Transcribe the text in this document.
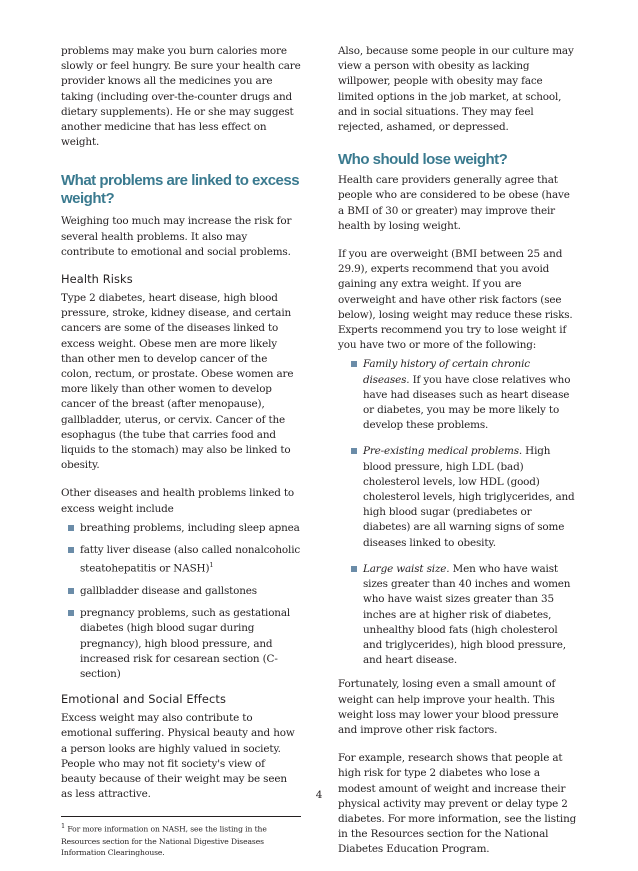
problems may make you burn calories more slowly or feel hungry. Be sure your health care provider knows all the medicines you are taking (including over-the-counter drugs and dietary supplements). He or she may suggest another medicine that has less effect on weight.

What problems are linked to excess weight?

Weighing too much may increase the risk for several health problems. It also may contribute to emotional and social problems.

Health Risks

Type 2 diabetes, heart disease, high blood pressure, stroke, kidney disease, and certain cancers are some of the diseases linked to excess weight. Obese men are more likely than other men to develop cancer of the colon, rectum, or prostate. Obese women are more likely than other women to develop cancer of the breast (after menopause), gallbladder, uterus, or cervix. Cancer of the esophagus (the tube that carries food and liquids to the stomach) may also be linked to obesity.

Other diseases and health problems linked to excess weight include

breathing problems, including sleep apnea
fatty liver disease (also called nonalcoholic steatohepatitis or NASH)$^1$
gallbladder disease and gallstones
pregnancy problems, such as gestational diabetes (high blood sugar during pregnancy), high blood pressure, and increased risk for cesarean section (C-section)
Emotional and Social Effects

Excess weight may also contribute to emotional suffering. Physical beauty and how a person looks are highly valued in society. People who may not fit society's view of beauty because of their weight may be seen as less attractive.

$^1$ For more information on NASH, see the listing in the Resources section for the National Digestive Diseases Information Clearinghouse.

Also, because some people in our culture may view a person with obesity as lacking willpower, people with obesity may face limited options in the job market, at school, and in social situations. They may feel rejected, ashamed, or depressed.

Who should lose weight?

Health care providers generally agree that people who are considered to be obese (have a BMI of 30 or greater) may improve their health by losing weight.

If you are overweight (BMI between 25 and 29.9), experts recommend that you avoid gaining any extra weight. If you are overweight and have other risk factors (see below), losing weight may reduce these risks. Experts recommend you try to lose weight if you have two or more of the following:

Family history of certain chronic diseases. If you have close relatives who have had diseases such as heart disease or diabetes, you may be more likely to develop these problems.
Pre-existing medical problems. High blood pressure, high LDL (bad) cholesterol levels, low HDL (good) cholesterol levels, high triglycerides, and high blood sugar (prediabetes or diabetes) are all warning signs of some diseases linked to obesity.
Large waist size. Men who have waist sizes greater than 40 inches and women who have waist sizes greater than 35 inches are at higher risk of diabetes, unhealthy blood fats (high cholesterol and triglycerides), high blood pressure, and heart disease.

Fortunately, losing even a small amount of weight can help improve your health. This weight loss may lower your blood pressure and improve other risk factors.

For example, research shows that people at high risk for type 2 diabetes who lose a modest amount of weight and increase their physical activity may prevent or delay type 2 diabetes. For more information, see the listing in the Resources section for the National Diabetes Education Program.

4
